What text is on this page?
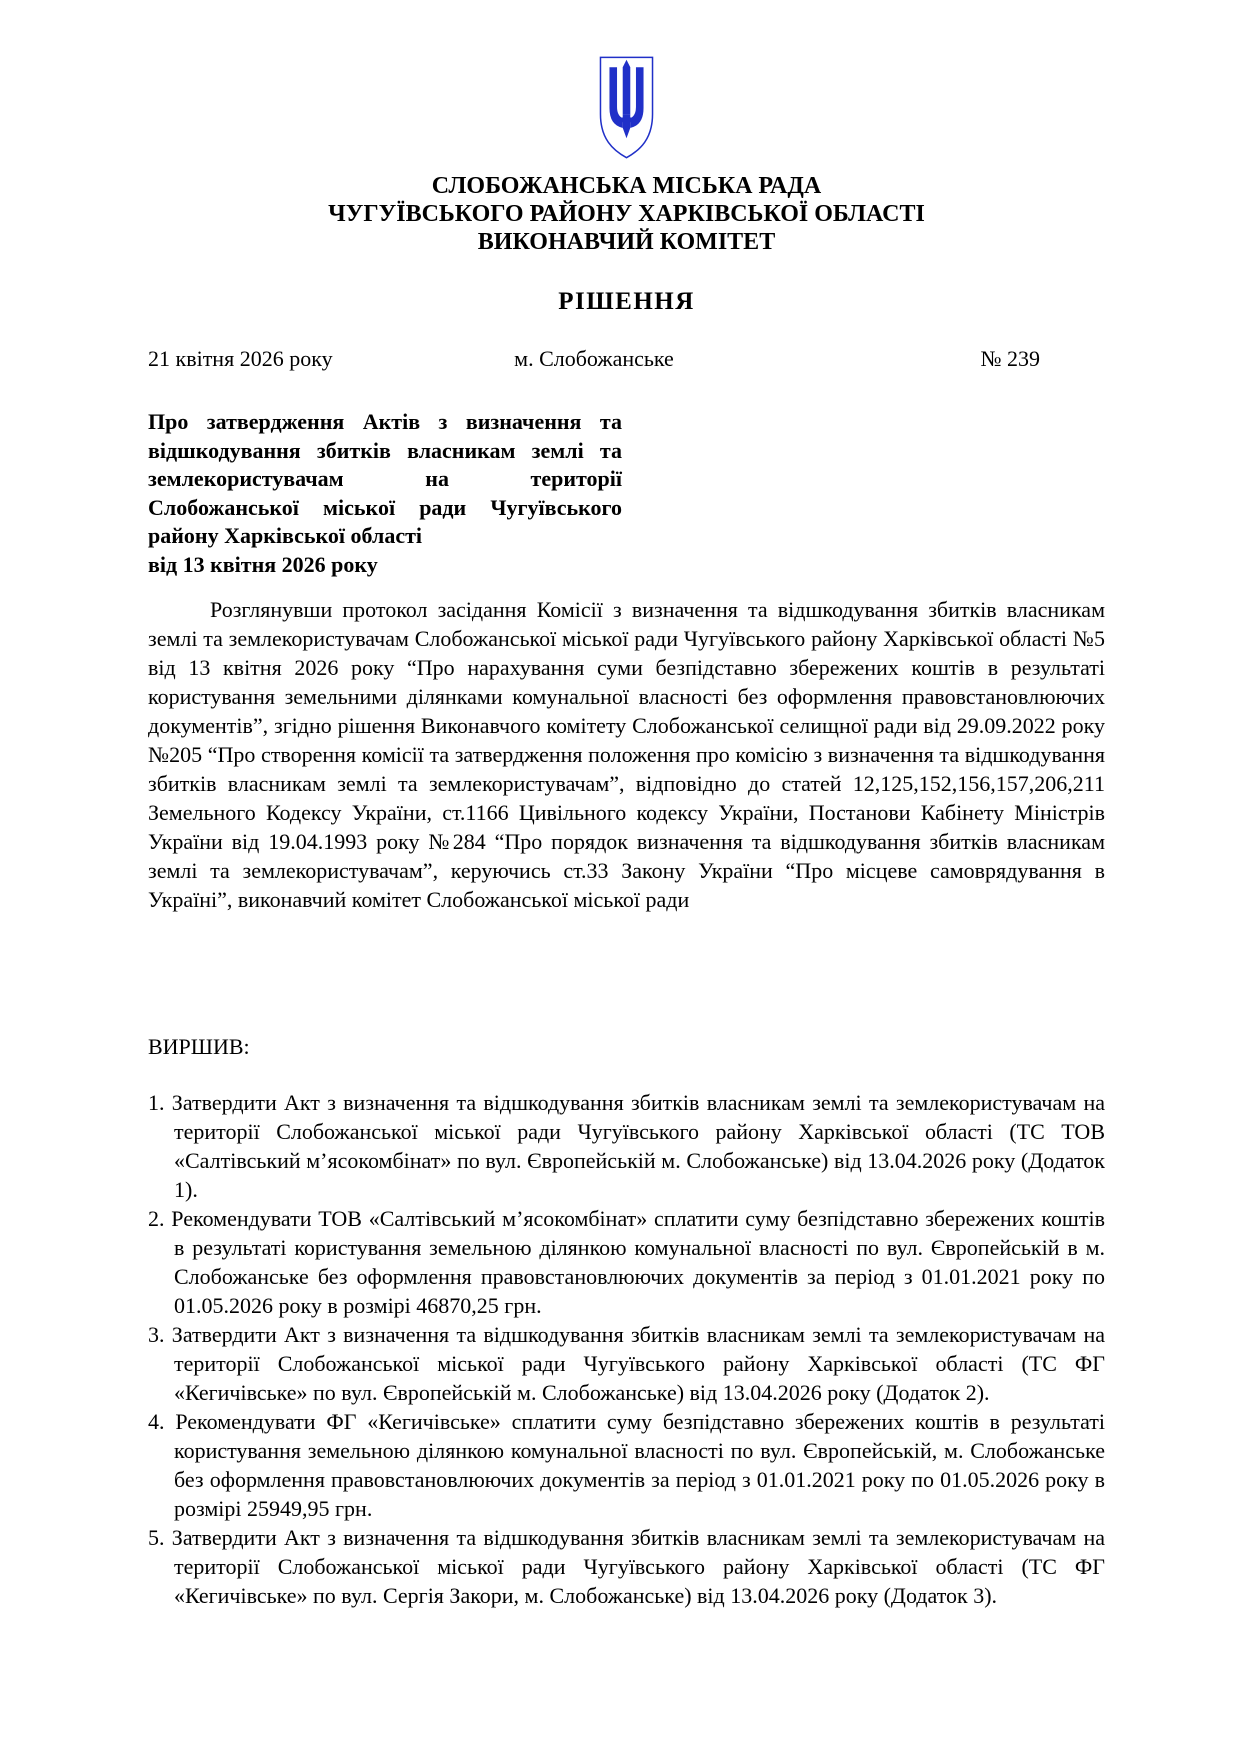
СЛОБОЖАНСЬКА МІСЬКА РАДА
ЧУГУЇВСЬКОГО РАЙОНУ ХАРКІВСЬКОЇ ОБЛАСТІ
ВИКОНАВЧИЙ КОМІТЕТ
РІШЕННЯ
21 квітня 2026 року	м. Слобожанське	№ 239
Про затвердження Актів з визначення та відшкодування збитків власникам землі та землекористувачам на території Слобожанської міської ради Чугуївського району Харківської області
від 13 квітня 2026 року
Розглянувши протокол засідання Комісії з визначення та відшкодування збитків власникам землі та землекористувачам Слобожанської міської ради Чугуївського району Харківської області №5 від 13 квітня 2026 року “Про нарахування суми безпідставно збережених коштів в результаті користування земельними ділянками комунальної власності без оформлення правовстановлюючих документів”, згідно рішення Виконавчого комітету Слобожанської селищної ради від 29.09.2022 року №205 “Про створення комісії та затвердження положення про комісію з визначення та відшкодування збитків власникам землі та землекористувачам”, відповідно до статей 12,125,152,156,157,206,211 Земельного Кодексу України, ст.1166 Цивільного кодексу України, Постанови Кабінету Міністрів України від 19.04.1993 року №284 “Про порядок визначення та відшкодування збитків власникам землі та землекористувачам”, керуючись ст.33 Закону України “Про місцеве самоврядування в Україні”, виконавчий комітет Слобожанської міської ради
ВИРШИВ:
1. Затвердити Акт з визначення та відшкодування збитків власникам землі та землекористувачам на території Слобожанської міської ради Чугуївського району Харківської області (ТС ТОВ «Салтівський м’ясокомбінат» по вул. Європейській м. Слобожанське) від 13.04.2026 року (Додаток 1).
2. Рекомендувати ТОВ «Салтівський м’ясокомбінат» сплатити суму безпідставно збережених коштів в результаті користування земельною ділянкою комунальної власності по вул. Європейській в м. Слобожанське без оформлення правовстановлюючих документів за період з 01.01.2021 року по 01.05.2026 року в розмірі 46870,25 грн.
3. Затвердити Акт з визначення та відшкодування збитків власникам землі та землекористувачам на території Слобожанської міської ради Чугуївського району Харківської області (ТС ФГ «Кегичівське» по вул. Європейській м. Слобожанське) від 13.04.2026 року (Додаток 2).
4. Рекомендувати ФГ «Кегичівське» сплатити суму безпідставно збережених коштів в результаті користування земельною ділянкою комунальної власності по вул. Європейській, м. Слобожанське без оформлення правовстановлюючих документів за період з 01.01.2021 року по 01.05.2026 року в розмірі 25949,95 грн.
5. Затвердити Акт з визначення та відшкодування збитків власникам землі та землекористувачам на території Слобожанської міської ради Чугуївського району Харківської області (ТС ФГ «Кегичівське» по вул. Сергія Закори, м. Слобожанське) від 13.04.2026 року (Додаток 3).
